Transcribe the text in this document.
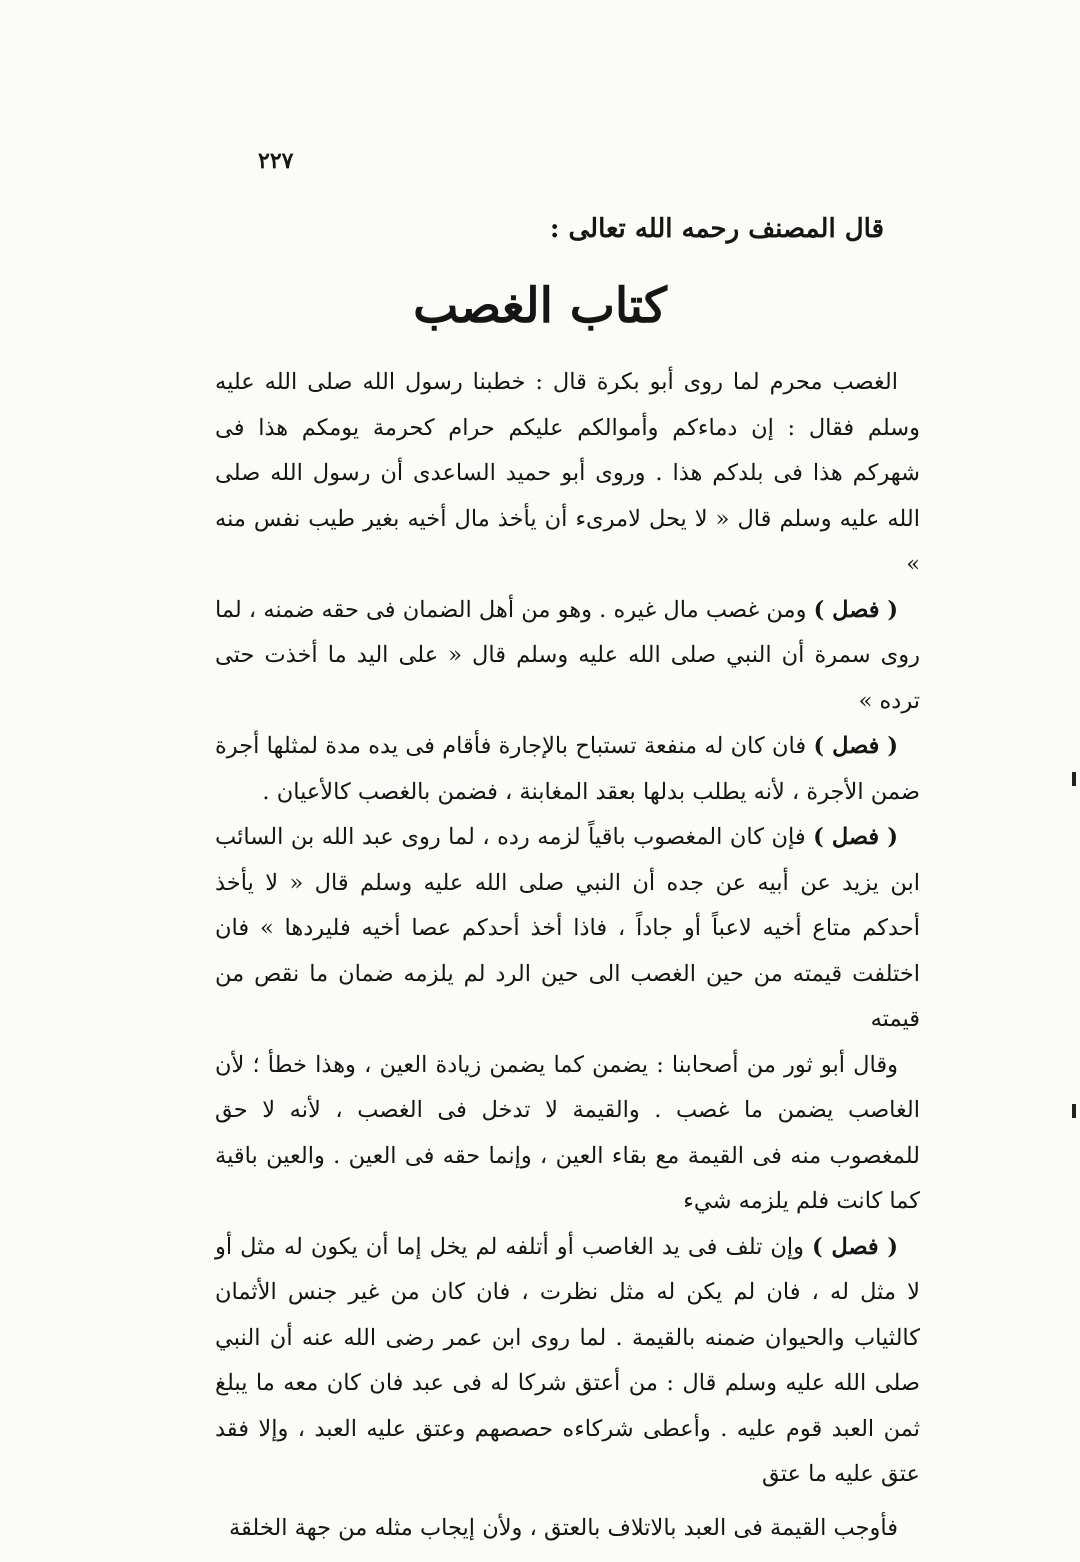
٢٢٧
قال المصنف رحمه الله تعالى :
كتاب الغصب

الغصب محرم لما روى أبو بكرة قال : خطبنا رسول الله صلى الله عليه وسلم فقال : إن دماءكم وأموالكم عليكم حرام كحرمة يومكم هذا فى شهركم هذا فى بلدكم هذا . وروى أبو حميد الساعدى أن رسول الله صلى الله عليه وسلم قال « لا يحل لامرىء أن يأخذ مال أخيه بغير طيب نفس منه »

( فصل ) ومن غصب مال غيره . وهو من أهل الضمان فى حقه ضمنه ، لما روى سمرة أن النبي صلى الله عليه وسلم قال « على اليد ما أخذت حتى ترده »

( فصل ) فان كان له منفعة تستباح بالإجارة فأقام فى يده مدة لمثلها أجرة ضمن الأجرة ، لأنه يطلب بدلها بعقد المغابنة ، فضمن بالغصب كالأعيان .

( فصل ) فإن كان المغصوب باقياً لزمه رده ، لما روى عبد الله بن السائب ابن يزيد عن أبيه عن جده أن النبي صلى الله عليه وسلم قال « لا يأخذ أحدكم متاع أخيه لاعباً أو جاداً ، فاذا أخذ أحدكم عصا أخيه فليردها » فان اختلفت قيمته من حين الغصب الى حين الرد لم يلزمه ضمان ما نقص من قيمته

وقال أبو ثور من أصحابنا : يضمن كما يضمن زيادة العين ، وهذا خطأ ؛ لأن الغاصب يضمن ما غصب . والقيمة لا تدخل فى الغصب ، لأنه لا حق للمغصوب منه فى القيمة مع بقاء العين ، وإنما حقه فى العين . والعين باقية كما كانت فلم يلزمه شيء

( فصل ) وإن تلف فى يد الغاصب أو أتلفه لم يخل إما أن يكون له مثل أو لا مثل له ، فان لم يكن له مثل نظرت ، فان كان من غير جنس الأثمان كالثياب والحيوان ضمنه بالقيمة . لما روى ابن عمر رضى الله عنه أن النبي صلى الله عليه وسلم قال : من أعتق شركا له فى عبد فان كان معه ما يبلغ ثمن العبد قوم عليه . وأعطى شركاءه حصصهم وعتق عليه العبد ، وإلا فقد عتق عليه ما عتق

فأوجب القيمة فى العبد بالاتلاف بالعتق ، ولأن إيجاب مثله من جهة الخلقة
